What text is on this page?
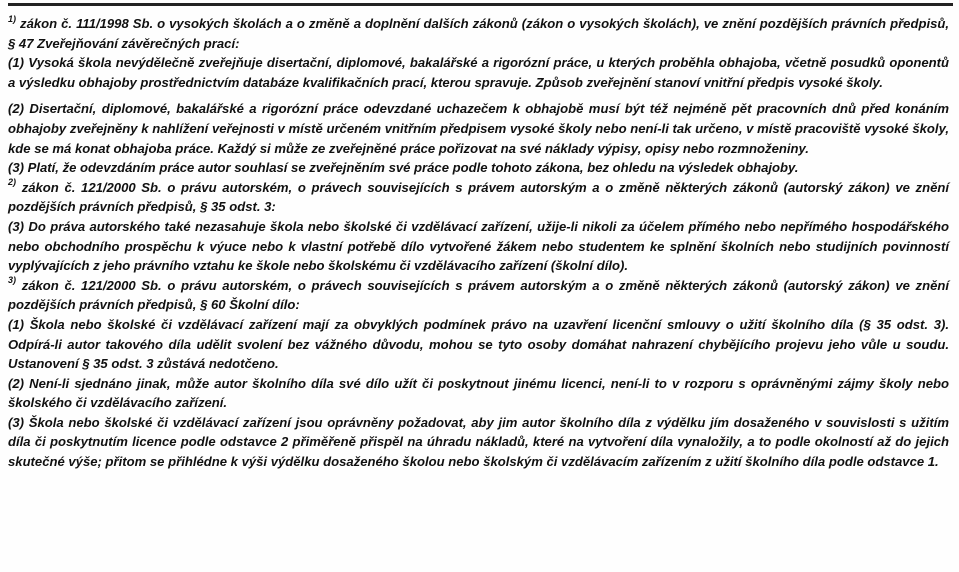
$^{1)}$ zákon č. 111/1998 Sb. o vysokých školách a o změně a doplnění dalších zákonů (zákon o vysokých školách), ve znění pozdějších právních předpisů, § 47 Zveřejňování závěrečných prací:

(1) Vysoká škola nevýdělečně zveřejňuje disertační, diplomové, bakalářské a rigorózní práce, u kterých proběhla obhajoba, včetně posudků oponentů a výsledku obhajoby prostřednictvím databáze kvalifikačních prací, kterou spravuje. Způsob zveřejnění stanoví vnitřní předpis vysoké školy.

(2) Disertační, diplomové, bakalářské a rigorózní práce odevzdané uchazečem k obhajobě musí být též nejméně pět pracovních dnů před konáním obhajoby zveřejněny k nahlížení veřejnosti v místě určeném vnitřním předpisem vysoké školy nebo není-li tak určeno, v místě pracoviště vysoké školy, kde se má konat obhajoba práce. Každý si může ze zveřejněné práce pořizovat na své náklady výpisy, opisy nebo rozmnoženiny.

(3) Platí, že odevzdáním práce autor souhlasí se zveřejněním své práce podle tohoto zákona, bez ohledu na výsledek obhajoby.

$^{2)}$ zákon č. 121/2000 Sb. o právu autorském, o právech souvisejících s právem autorským a o změně některých zákonů (autorský zákon) ve znění pozdějších právních předpisů, § 35 odst. 3:

(3) Do práva autorského také nezasahuje škola nebo školské či vzdělávací zařízení, užije-li nikoli za účelem přímého nebo nepřímého hospodářského nebo obchodního prospěchu k výuce nebo k vlastní potřebě dílo vytvořené žákem nebo studentem ke splnění školních nebo studijních povinností vyplývajících z jeho právního vztahu ke škole nebo školskému či vzdělávacího zařízení (školní dílo).

$^{3)}$ zákon č. 121/2000 Sb. o právu autorském, o právech souvisejících s právem autorským a o změně některých zákonů (autorský zákon) ve znění pozdějších právních předpisů, § 60 Školní dílo:

(1) Škola nebo školské či vzdělávací zařízení mají za obvyklých podmínek právo na uzavření licenční smlouvy o užití školního díla (§ 35 odst. 3). Odpírá-li autor takového díla udělit svolení bez vážného důvodu, mohou se tyto osoby domáhat nahrazení chybějícího projevu jeho vůle u soudu. Ustanovení § 35 odst. 3 zůstává nedotčeno.

(2) Není-li sjednáno jinak, může autor školního díla své dílo užít či poskytnout jinému licenci, není-li to v rozporu s oprávněnými zájmy školy nebo školského či vzdělávacího zařízení.

(3) Škola nebo školské či vzdělávací zařízení jsou oprávněny požadovat, aby jim autor školního díla z výdělku jím dosaženého v souvislosti s užitím díla či poskytnutím licence podle odstavce 2 přiměřeně přispěl na úhradu nákladů, které na vytvoření díla vynaložily, a to podle okolností až do jejich skutečné výše; přitom se přihlédne k výši výdělku dosaženého školou nebo školským či vzdělávacím zařízením z užití školního díla podle odstavce 1.
